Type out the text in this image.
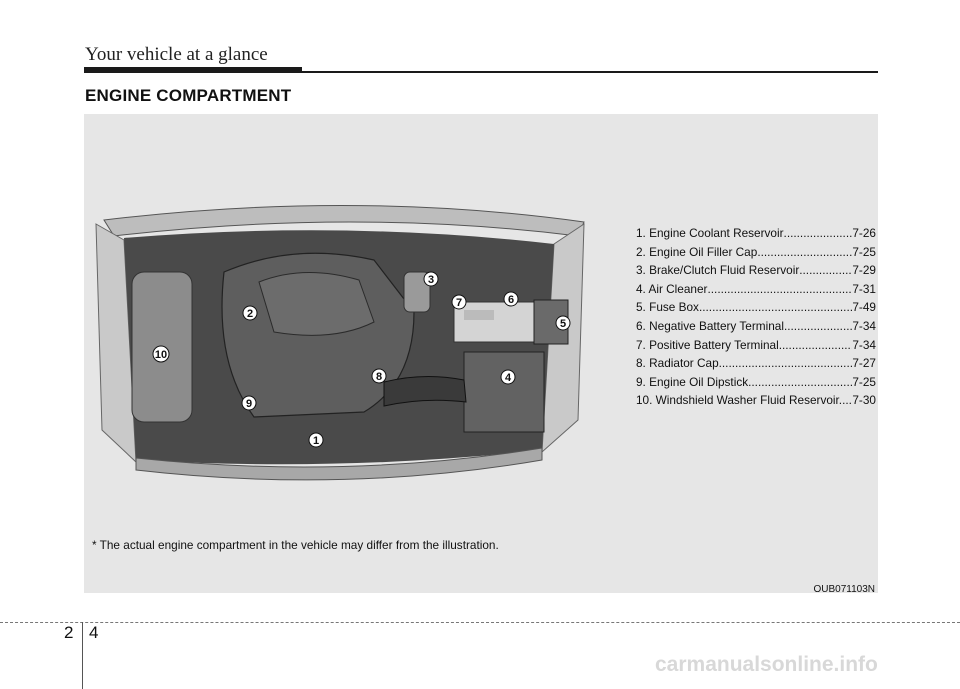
Your vehicle at a glance
ENGINE COMPARTMENT
1
2
3
4
5
6
7
8
9
10
1. Engine Coolant Reservoir .....	7-26
2. Engine Oil Filler Cap .....	7-25
3. Brake/Clutch Fluid Reservoir .....	7-29
4. Air Cleaner .....	7-31
5. Fuse Box .....	7-49
6. Negative Battery Terminal .....	7-34
7. Positive Battery Terminal .....	7-34
8. Radiator Cap .....	7-27
9. Engine Oil Dipstick .....	7-25
10. Windshield Washer Fluid Reservoir.. ..... 7-30
* The actual engine compartment in the vehicle may differ from the illustration.
OUB071103N
2 4
carmanualsonline.info
